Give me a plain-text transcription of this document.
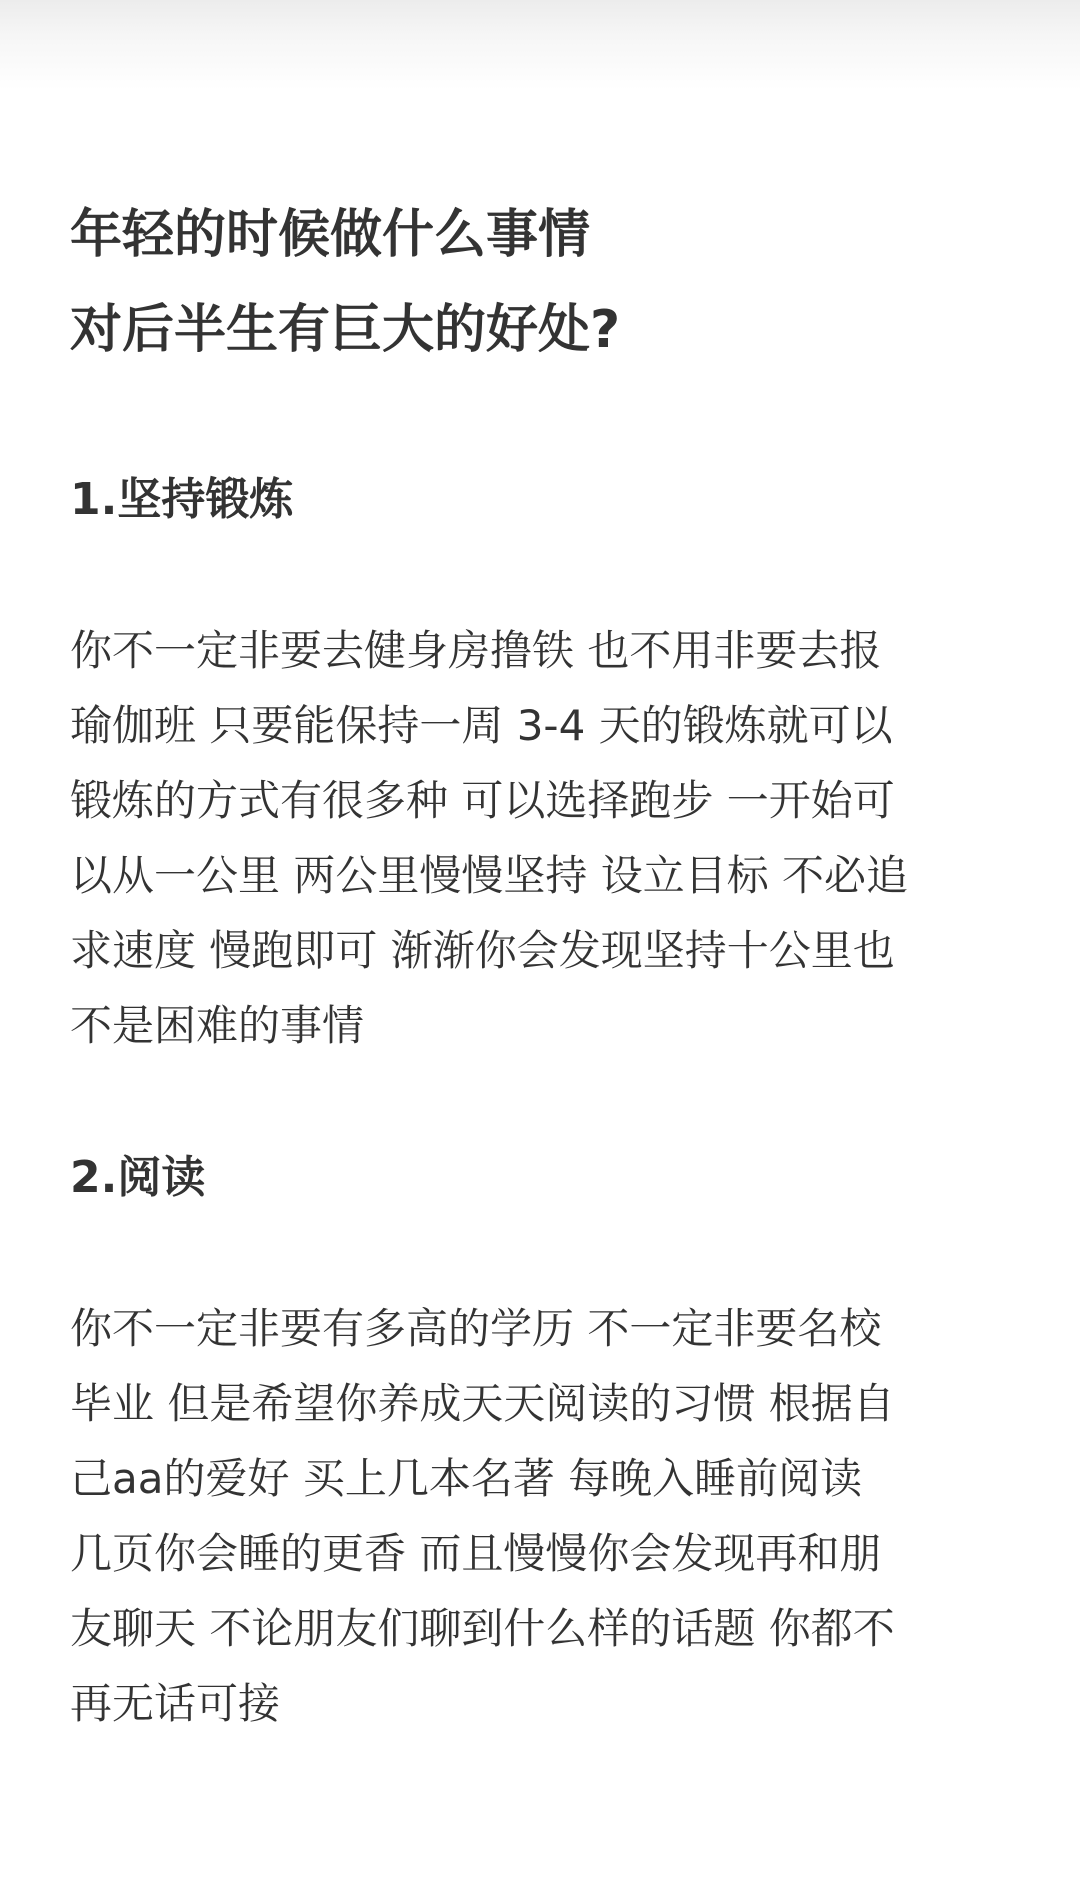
年轻的时候做什么事情
对后半生有巨大的好处?
1.坚持锻炼
你不一定非要去健身房撸铁 也不用非要去报
瑜伽班 只要能保持一周 3-4 天的锻炼就可以
锻炼的方式有很多种 可以选择跑步 一开始可
以从一公里 两公里慢慢坚持 设立目标 不必追
求速度 慢跑即可 渐渐你会发现坚持十公里也
不是困难的事情
2.阅读
你不一定非要有多高的学历 不一定非要名校
毕业 但是希望你养成天天阅读的习惯 根据自
己aa的爱好 买上几本名著 每晚入睡前阅读
几页你会睡的更香 而且慢慢你会发现再和朋
友聊天 不论朋友们聊到什么样的话题 你都不
再无话可接
